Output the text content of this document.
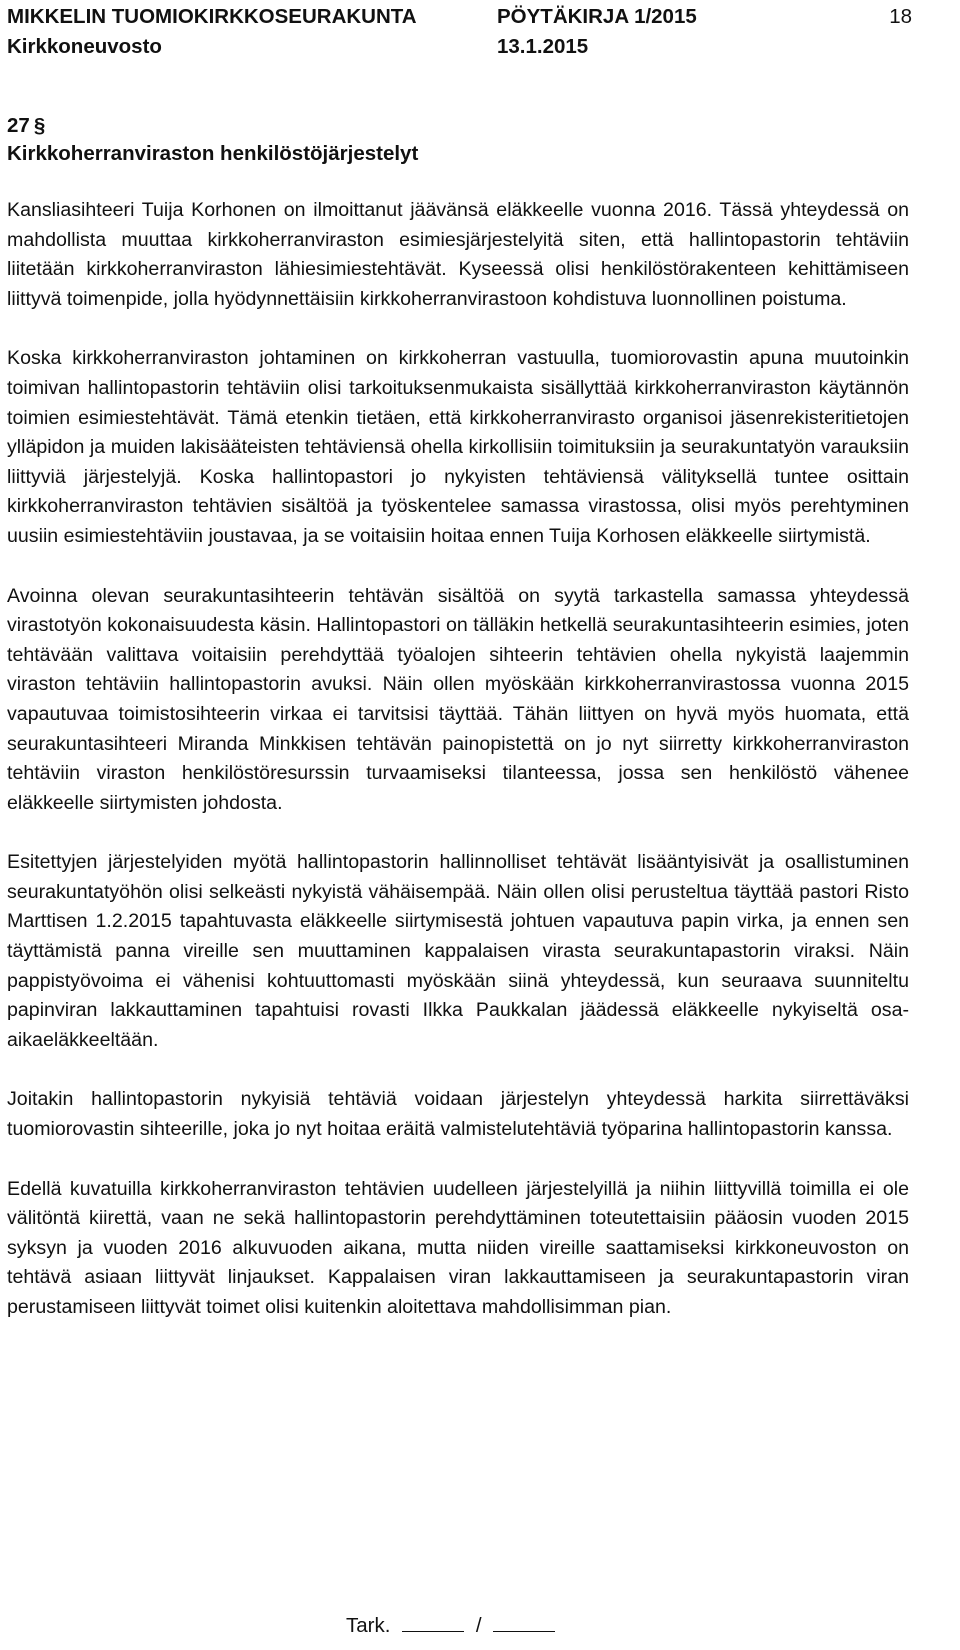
MIKKELIN TUOMIOKIRKKOSEURAKUNTA
Kirkkoneuvosto
PÖYTÄKIRJA 1/2015
13.1.2015
18
27 §
Kirkkoherranviraston henkilöstöjärjestelyt

Kansliasihteeri Tuija Korhonen on ilmoittanut jäävänsä eläkkeelle vuonna 2016. Tässä yhteydessä on mahdollista muuttaa kirkkoherranviraston esimiesjärjestelyitä siten, että hallintopastorin tehtäviin liitetään kirkkoherranviraston lähiesimiestehtävät. Kyseessä olisi henkilöstörakenteen kehittämiseen liittyvä toimenpide, jolla hyödynnettäisiin kirkkoherranvirastoon kohdistuva luonnollinen poistuma.

Koska kirkkoherranviraston johtaminen on kirkkoherran vastuulla, tuomiorovastin apuna muutoinkin toimivan hallintopastorin tehtäviin olisi tarkoituksenmukaista sisällyttää kirkkoherranviraston käytännön toimien esimiestehtävät. Tämä etenkin tietäen, että kirkkoherranvirasto organisoi jäsenrekisteritietojen ylläpidon ja muiden lakisääteisten tehtäviensä ohella kirkollisiin toimituksiin ja seurakuntatyön varauksiin liittyviä järjestelyjä. Koska hallintopastori jo nykyisten tehtäviensä välityksellä tuntee osittain kirkkoherranviraston tehtävien sisältöä ja työskentelee samassa virastossa, olisi myös perehtyminen uusiin esimiestehtäviin joustavaa, ja se voitaisiin hoitaa ennen Tuija Korhosen eläkkeelle siirtymistä.

Avoinna olevan seurakuntasihteerin tehtävän sisältöä on syytä tarkastella samassa yhteydessä virastotyön kokonaisuudesta käsin. Hallintopastori on tälläkin hetkellä seurakuntasihteerin esimies, joten tehtävään valittava voitaisiin perehdyttää työalojen sihteerin tehtävien ohella nykyistä laajemmin viraston tehtäviin hallintopastorin avuksi. Näin ollen myöskään kirkkoherranvirastossa vuonna 2015 vapautuvaa toimistosihteerin virkaa ei tarvitsisi täyttää. Tähän liittyen on hyvä myös huomata, että seurakuntasihteeri Miranda Minkkisen tehtävän painopistettä on jo nyt siirretty kirkkoherranviraston tehtäviin viraston henkilöstöresurssin turvaamiseksi tilanteessa, jossa sen henkilöstö vähenee eläkkeelle siirtymisten johdosta.

Esitettyjen järjestelyiden myötä hallintopastorin hallinnolliset tehtävät lisääntyisivät ja osallistuminen seurakuntatyöhön olisi selkeästi nykyistä vähäisempää. Näin ollen olisi perusteltua täyttää pastori Risto Marttisen 1.2.2015 tapahtuvasta eläkkeelle siirtymisestä johtuen vapautuva papin virka, ja ennen sen täyttämistä panna vireille sen muuttaminen kappalaisen virasta seurakuntapastorin viraksi. Näin pappistyövoima ei vähenisi kohtuuttomasti myöskään siinä yhteydessä, kun seuraava suunniteltu papinviran lakkauttaminen tapahtuisi rovasti Ilkka Paukkalan jäädessä eläkkeelle nykyiseltä osa-aikaeläkkeeltään.

Joitakin hallintopastorin nykyisiä tehtäviä voidaan järjestelyn yhteydessä harkita siirrettäväksi tuomiorovastin sihteerille, joka jo nyt hoitaa eräitä valmistelutehtäviä työparina hallintopastorin kanssa.

Edellä kuvatuilla kirkkoherranviraston tehtävien uudelleen järjestelyillä ja niihin liittyvillä toimilla ei ole välitöntä kiirettä, vaan ne sekä hallintopastorin perehdyttäminen toteutettaisiin pääosin vuoden 2015 syksyn ja vuoden 2016 alkuvuoden aikana, mutta niiden vireille saattamiseksi kirkkoneuvoston on tehtävä asiaan liittyvät linjaukset. Kappalaisen viran lakkauttamiseen ja seurakuntapastorin viran perustamiseen liittyvät toimet olisi kuitenkin aloitettava mahdollisimman pian.

Tark.	/
